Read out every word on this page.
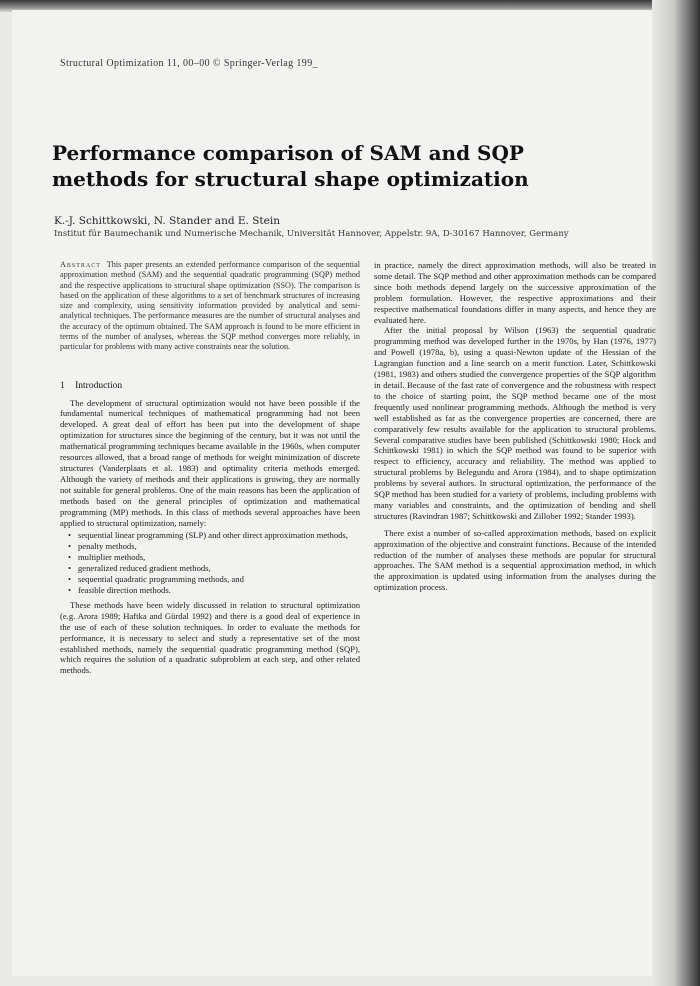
Structural Optimization 11, 00–00 © Springer-Verlag 199_
Performance comparison of SAM and SQP methods for structural shape optimization
K.-J. Schittkowski, N. Stander and E. Stein
Institut für Baumechanik und Numerische Mechanik, Universität Hannover, Appelstr. 9A, D-30167 Hannover, Germany

Abstract This paper presents an extended performance comparison of the sequential approximation method (SAM) and the sequential quadratic programming (SQP) method and the respective applications to structural shape optimization (SSO). The comparison is based on the application of these algorithms to a set of benchmark structures of increasing size and complexity, using sensitivity information provided by analytical and semi-analytical techniques. The performance measures are the number of structural analyses and the accuracy of the optimum obtained. The SAM approach is found to be more efficient in terms of the number of analyses, whereas the SQP method converges more reliably, in particular for problems with many active constraints near the solution.

1 Introduction

The development of structural optimization would not have been possible if the fundamental numerical techniques of mathematical programming had not been developed. A great deal of effort has been put into the development of shape optimization for structures since the beginning of the century, but it was not until the mathematical programming techniques became available in the 1960s, when computer resources allowed, that a broad range of methods for weight minimization of discrete structures (Vanderplaats et al. 1983) and optimality criteria methods emerged. Although the variety of methods and their applications is growing, they are normally not suitable for general problems. One of the main reasons has been the application of methods based on the general principles of optimization and mathematical programming (MP) methods. In this class of methods several approaches have been applied to structural optimization, namely:

• sequential linear programming (SLP) and other direct approximation methods,
• penalty methods,
• multiplier methods,
• generalized reduced gradient methods,
• sequential quadratic programming methods, and
• feasible direction methods.

These methods have been widely discussed in relation to structural optimization (e.g. Arora 1989; Haftka and Gürdal 1992) and there is a good deal of experience in the use of each of these solution techniques. In order to evaluate the methods for performance, it is necessary to select and study a representative set of the most established methods, namely the sequential quadratic programming method (SQP), which requires the solution of a quadratic subproblem at each step, and other related methods.

in practice, namely the direct approximation methods, will also be treated in some detail. The SQP method and other approximation methods can be compared since both methods depend largely on the successive approximation of the problem formulation. However, the respective approximations and their respective mathematical foundations differ in many aspects, and hence they are evaluated here.

After the initial proposal by Wilson (1963) the sequential quadratic programming method was developed further in the 1970s, by Han (1976, 1977) and Powell (1978a, b), using a quasi-Newton update of the Hessian of the Lagrangian function and a line search on a merit function. Later, Schittkowski (1981, 1983) and others studied the convergence properties of the SQP algorithm in detail. Because of the fast rate of convergence and the robustness with respect to the choice of starting point, the SQP method became one of the most frequently used nonlinear programming methods. Although the method is very well established as far as the convergence properties are concerned, there are comparatively few results available for the application to structural problems. Several comparative studies have been published (Schittkowski 1980; Hock and Schittkowski 1981) in which the SQP method was found to be superior with respect to efficiency, accuracy and reliability. The method was applied to structural problems by Belegundu and Arora (1984), and to shape optimization problems by several authors. In structural optimization, the performance of the SQP method has been studied for a variety of problems, including problems with many variables and constraints, and the optimization of bending and shell structures (Ravindran 1987; Schittkowski and Zillober 1992; Stander 1993).

There exist a number of so-called approximation methods, based on explicit approximation of the objective and constraint functions. Because of the intended reduction of the number of analyses these methods are popular for structural approaches. The SAM method is a sequential approximation method, in which the approximation is updated using information from the analyses during the optimization process.
